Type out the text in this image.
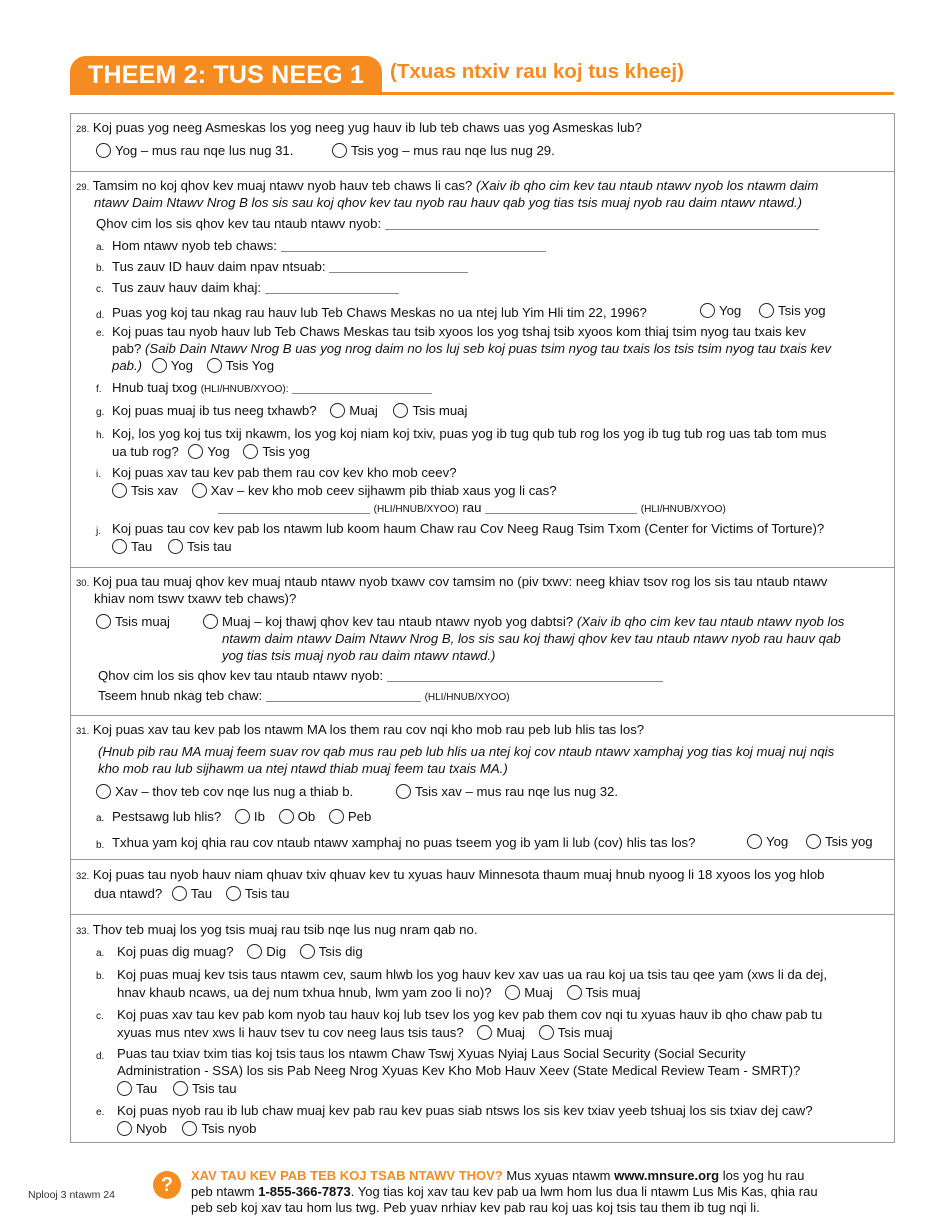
THEEM 2: TUS NEEG 1	(Txuas ntxiv rau koj tus kheej)
28. Koj puas yog neeg Asmeskas los yog neeg yug hauv ib lub teb chaws uas yog Asmeskas lub?
Yog – mus rau nqe lus nug 31.	Tsis yog – mus rau nqe lus nug 29.
29. Tamsim no koj qhov kev muaj ntawv nyob hauv teb chaws li cas? (Xaiv ib qho cim kev tau ntaub ntawv nyob los ntawm daim
ntawv Daim Ntawv Nrog B los sis sau koj qhov kev tau nyob rau hauv qab yog tias tsis muaj nyob rau daim ntawv ntawd.)
Qhov cim los sis qhov kev tau ntaub ntawv nyob:
a. Hom ntawv nyob teb chaws:
b. Tus zauv ID hauv daim npav ntsuab:
c. Tus zauv hauv daim khaj:
d. Puas yog koj tau nkag rau hauv lub Teb Chaws Meskas no ua ntej lub Yim Hli tim 22, 1996?	Yog	Tsis yog
e. Koj puas tau nyob hauv lub Teb Chaws Meskas tau tsib xyoos los yog tshaj tsib xyoos kom thiaj tsim nyog tau txais kev
pab? (Saib Dain Ntawv Nrog B uas yog nrog daim no los luj seb koj puas tsim nyog tau txais los tsis tsim nyog tau txais kev
pab.) Yog Tsis Yog
f. Hnub tuaj txog (HLI/HNUB/XYOO):
g. Koj puas muaj ib tus neeg txhawb? Muaj	Tsis muaj
h. Koj, los yog koj tus txij nkawm, los yog koj niam koj txiv, puas yog ib tug qub tub rog los yog ib tug tub rog uas tab tom mus
ua tub rog? Yog Tsis yog
i. Koj puas xav tau kev pab them rau cov kev kho mob ceev?
Tsis xav Xav – kev kho mob ceev sijhawm pib thiab xaus yog li cas?
(HLI/HNUB/XYOO) rau	(HLI/HNUB/XYOO)
j. Koj puas tau cov kev pab los ntawm lub koom haum Chaw rau Cov Neeg Raug Tsim Txom (Center for Victims of Torture)?
Tau	Tsis tau
30. Koj pua tau muaj qhov kev muaj ntaub ntawv nyob txawv cov tamsim no (piv txwv: neeg khiav tsov rog los sis tau ntaub ntawv
khiav nom tswv txawv teb chaws)?
Tsis muaj	Muaj – koj thawj qhov kev tau ntaub ntawv nyob yog dabtsi? (Xaiv ib qho cim kev tau ntaub ntawv nyob los
ntawm daim ntawv Daim Ntawv Nrog B, los sis sau koj thawj qhov kev tau ntaub ntawv nyob rau hauv qab
yog tias tsis muaj nyob rau daim ntawv ntawd.)
Qhov cim los sis qhov kev tau ntaub ntawv nyob:
Tseem hnub nkag teb chaw:	(HLI/HNUB/XYOO)
31. Koj puas xav tau kev pab los ntawm MA los them rau cov nqi kho mob rau peb lub hlis tas los?
(Hnub pib rau MA muaj feem suav rov qab mus rau peb lub hlis ua ntej koj cov ntaub ntawv xamphaj yog tias koj muaj nuj nqis
kho mob rau lub sijhawm ua ntej ntawd thiab muaj feem tau txais MA.)
Xav – thov teb cov nqe lus nug a thiab b.	Tsis xav – mus rau nqe lus nug 32.
a. Pestsawg lub hlis? Ib Ob Peb
b. Txhua yam koj qhia rau cov ntaub ntawv xamphaj no puas tseem yog ib yam li lub (cov) hlis tas los?	Yog	Tsis yog
32. Koj puas tau nyob hauv niam qhuav txiv qhuav kev tu xyuas hauv Minnesota thaum muaj hnub nyoog li 18 xyoos los yog hlob
dua ntawd? Tau Tsis tau
33. Thov teb muaj los yog tsis muaj rau tsib nqe lus nug nram qab no.
a. Koj puas dig muag? Dig Tsis dig
b. Koj puas muaj kev tsis taus ntawm cev, saum hlwb los yog hauv kev xav uas ua rau koj ua tsis tau qee yam (xws li da dej,
hnav khaub ncaws, ua dej num txhua hnub, lwm yam zoo li no)? Muaj Tsis muaj
c. Koj puas xav tau kev pab kom nyob tau hauv koj lub tsev los yog kev pab them cov nqi tu xyuas hauv ib qho chaw pab tu
xyuas mus ntev xws li hauv tsev tu cov neeg laus tsis taus? Muaj Tsis muaj
d. Puas tau txiav txim tias koj tsis taus los ntawm Chaw Tswj Xyuas Nyiaj Laus Social Security (Social Security
Administration - SSA) los sis Pab Neeg Nrog Xyuas Kev Kho Mob Hauv Xeev (State Medical Review Team - SMRT)?
Tau	Tsis tau
e. Koj puas nyob rau ib lub chaw muaj kev pab rau kev puas siab ntsws los sis kev txiav yeeb tshuaj los sis txiav dej caw?
Nyob	Tsis nyob
Nplooj 3 ntawm 24	?	XAV TAU KEV PAB TEB KOJ TSAB NTAWV THOV? Mus xyuas ntawm www.mnsure.org los yog hu rau
peb ntawm 1-855-366-7873. Yog tias koj xav tau kev pab ua lwm hom lus dua li ntawm Lus Mis Kas, qhia rau
peb seb koj xav tau hom lus twg. Peb yuav nrhiav kev pab rau koj uas koj tsis tau them ib tug nqi li.
